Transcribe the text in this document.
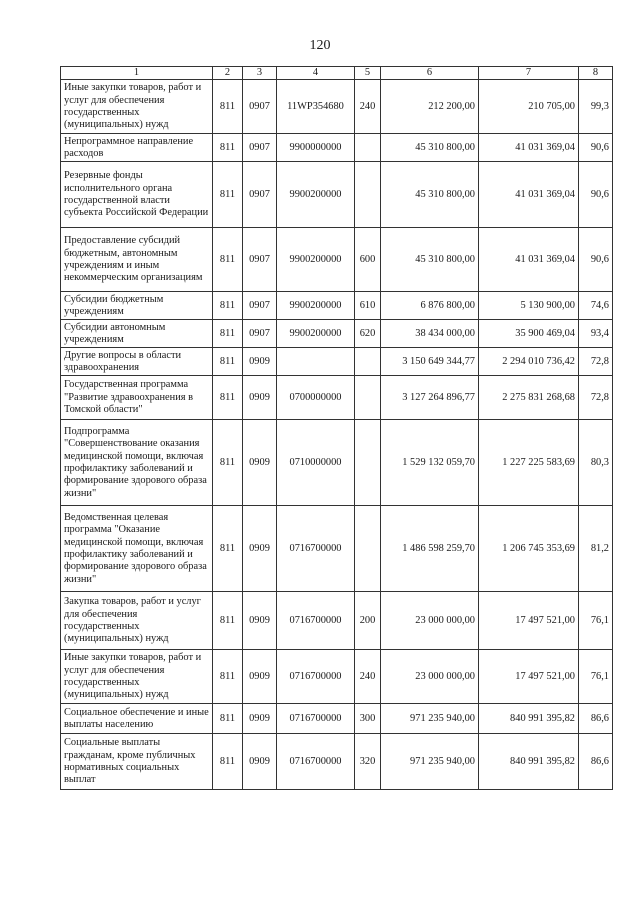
120
1	2	3	4	5	6	7	8
Иные закупки товаров, работ и услуг для обеспечения государственных (муниципальных) нужд	811	0907	11WP354680	240	212 200,00	210 705,00	99,3
Непрограммное направление расходов	811	0907	9900000000		45 310 800,00	41 031 369,04	90,6
Резервные фонды исполнительного органа государственной власти субъекта Российской Федерации	811	0907	9900200000		45 310 800,00	41 031 369,04	90,6
Предоставление субсидий бюджетным, автономным учреждениям и иным некоммерческим организациям	811	0907	9900200000	600	45 310 800,00	41 031 369,04	90,6
Субсидии бюджетным учреждениям	811	0907	9900200000	610	6 876 800,00	5 130 900,00	74,6
Субсидии автономным учреждениям	811	0907	9900200000	620	38 434 000,00	35 900 469,04	93,4
Другие вопросы в области здравоохранения	811	0909			3 150 649 344,77	2 294 010 736,42	72,8
Государственная программа "Развитие здравоохранения в Томской области"	811	0909	0700000000		3 127 264 896,77	2 275 831 268,68	72,8
Подпрограмма "Совершенствование оказания медицинской помощи, включая профилактику заболеваний и формирование здорового образа жизни"	811	0909	0710000000		1 529 132 059,70	1 227 225 583,69	80,3
Ведомственная целевая программа "Оказание медицинской помощи, включая профилактику заболеваний и формирование здорового образа жизни"	811	0909	0716700000		1 486 598 259,70	1 206 745 353,69	81,2
Закупка товаров, работ и услуг для обеспечения государственных (муниципальных) нужд	811	0909	0716700000	200	23 000 000,00	17 497 521,00	76,1
Иные закупки товаров, работ и услуг для обеспечения государственных (муниципальных) нужд	811	0909	0716700000	240	23 000 000,00	17 497 521,00	76,1
Социальное обеспечение и иные выплаты населению	811	0909	0716700000	300	971 235 940,00	840 991 395,82	86,6
Социальные выплаты гражданам, кроме публичных нормативных социальных выплат	811	0909	0716700000	320	971 235 940,00	840 991 395,82	86,6
